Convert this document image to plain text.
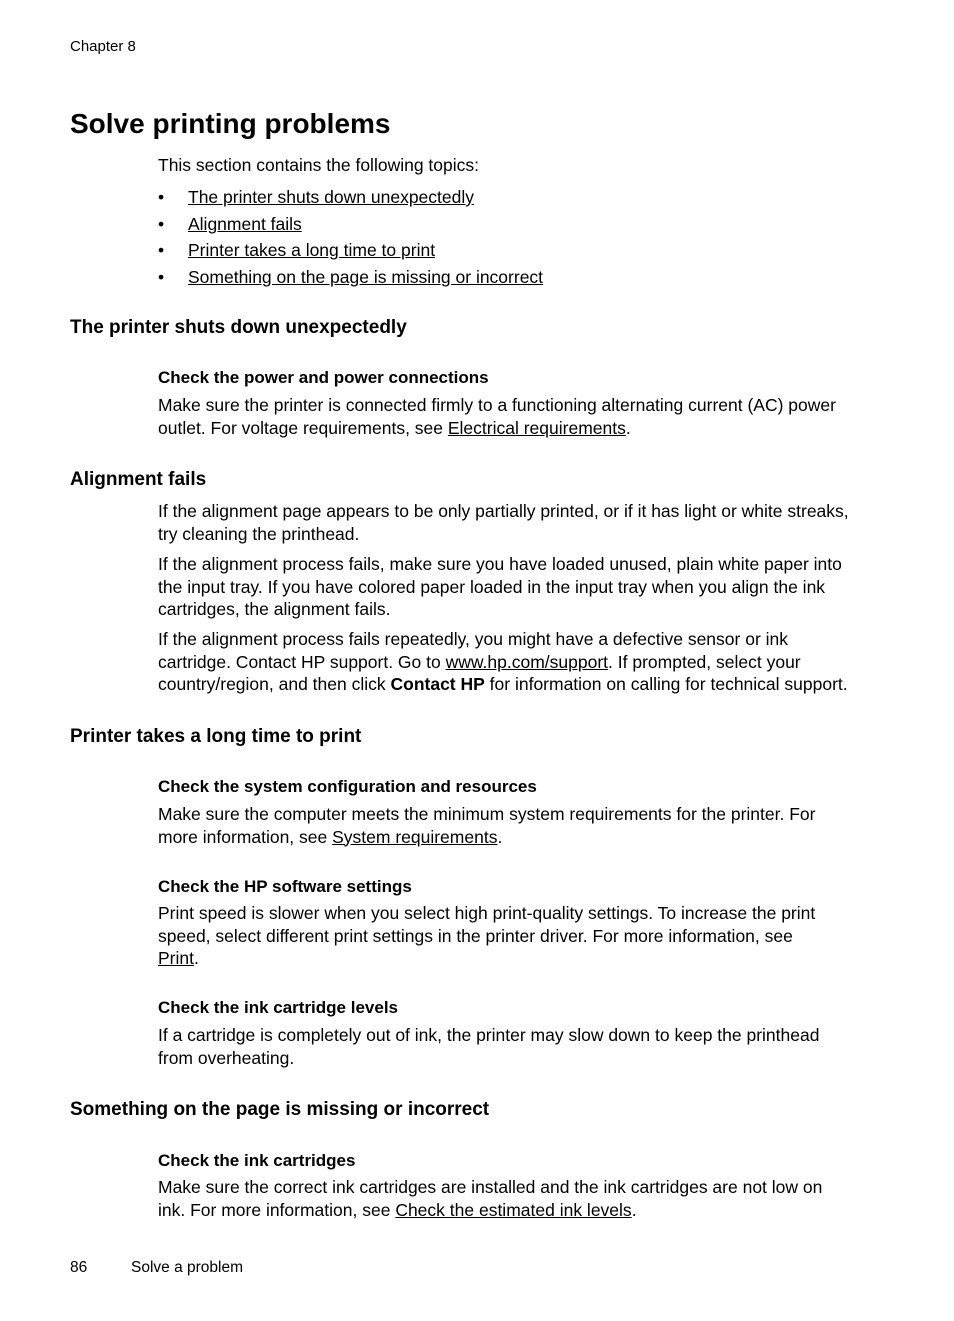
Chapter 8
Solve printing problems
This section contains the following topics:
• The printer shuts down unexpectedly
• Alignment fails
• Printer takes a long time to print
• Something on the page is missing or incorrect
The printer shuts down unexpectedly
Check the power and power connections
Make sure the printer is connected firmly to a functioning alternating current (AC) power
outlet. For voltage requirements, see Electrical requirements.
Alignment fails
If the alignment page appears to be only partially printed, or if it has light or white streaks,
try cleaning the printhead.
If the alignment process fails, make sure you have loaded unused, plain white paper into
the input tray. If you have colored paper loaded in the input tray when you align the ink
cartridges, the alignment fails.
If the alignment process fails repeatedly, you might have a defective sensor or ink
cartridge. Contact HP support. Go to www.hp.com/support. If prompted, select your
country/region, and then click Contact HP for information on calling for technical support.
Printer takes a long time to print
Check the system configuration and resources
Make sure the computer meets the minimum system requirements for the printer. For
more information, see System requirements.
Check the HP software settings
Print speed is slower when you select high print-quality settings. To increase the print
speed, select different print settings in the printer driver. For more information, see
Print.
Check the ink cartridge levels
If a cartridge is completely out of ink, the printer may slow down to keep the printhead
from overheating.
Something on the page is missing or incorrect
Check the ink cartridges
Make sure the correct ink cartridges are installed and the ink cartridges are not low on
ink. For more information, see Check the estimated ink levels.
86	Solve a problem
